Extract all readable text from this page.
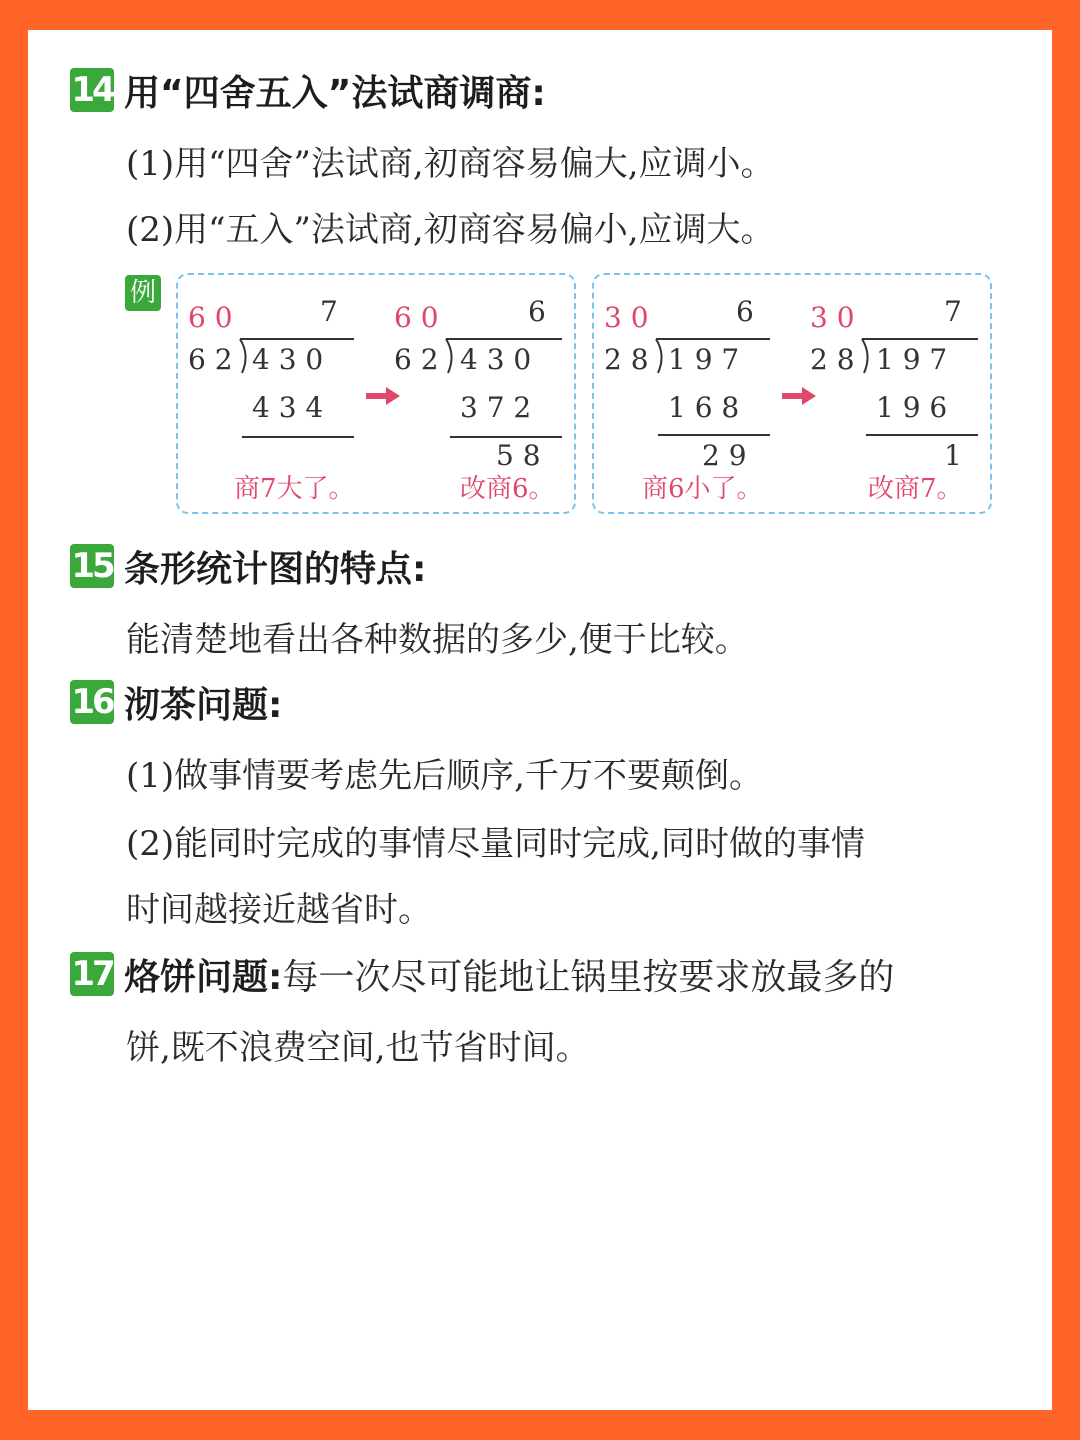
14 用“四舍五入”法试商调商:
(1)用“四舍”法试商,初商容易偏大,应调小。
(2)用“五入”法试商,初商容易偏小,应调大。
例
6 0	7
6 2 4 3 0
4 3 4
商7大了。
6 0	6
6 2 4 3 0
3 7 2
5 8
改商6。
3 0	6
2 8 1 9 7
1 6 8
2 9
商6小了。
3 0	7
2 8 1 9 7
1 9 6
1
改商7。
15 条形统计图的特点:
能清楚地看出各种数据的多少,便于比较。
16 沏茶问题:
(1)做事情要考虑先后顺序,千万不要颠倒。
(2)能同时完成的事情尽量同时完成,同时做的事情
时间越接近越省时。
17 烙饼问题:每一次尽可能地让锅里按要求放最多的
饼,既不浪费空间,也节省时间。
